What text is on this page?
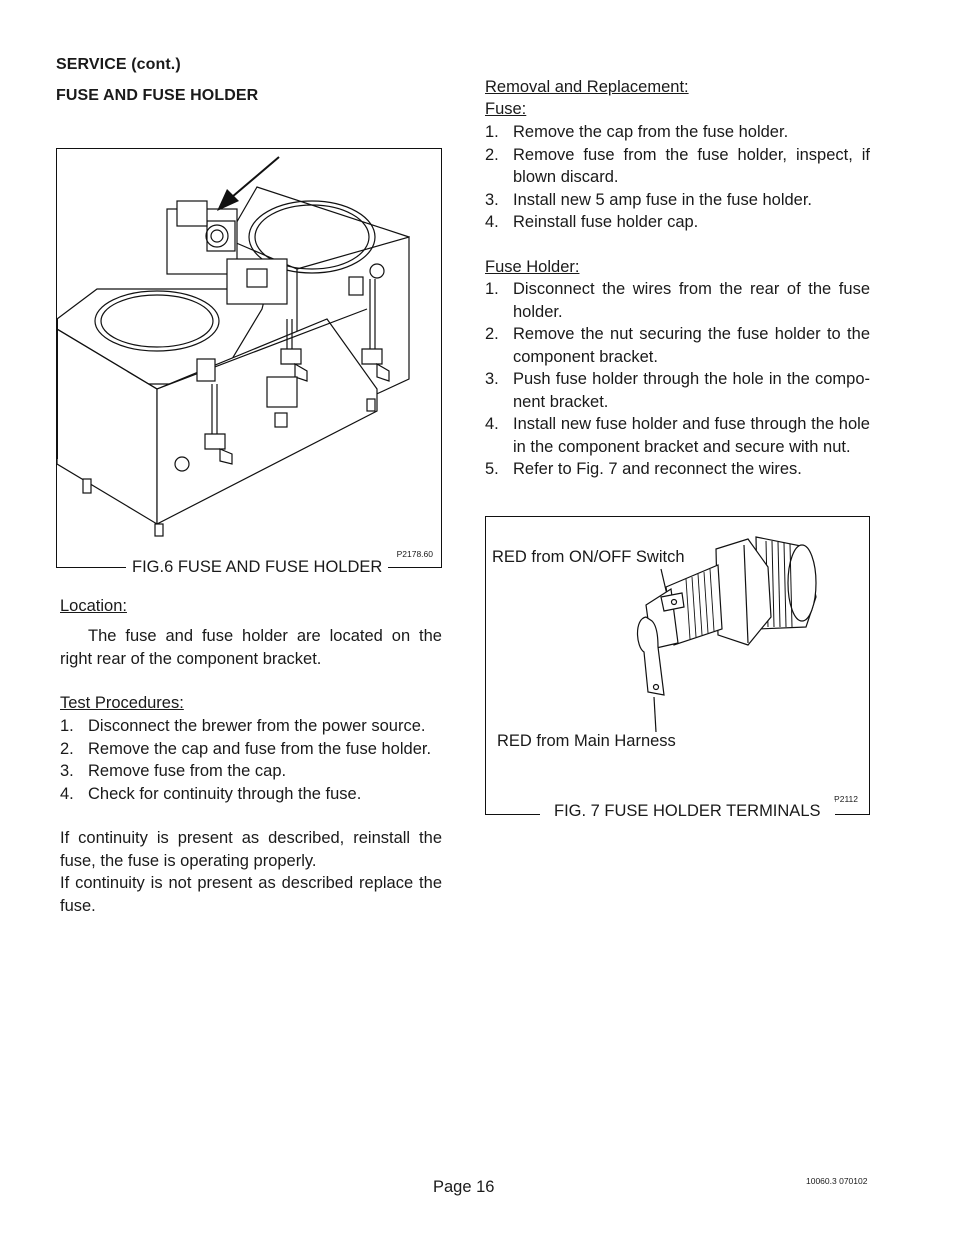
SERVICE (cont.)
FUSE AND FUSE HOLDER
P2178.60
FIG.6 FUSE AND FUSE HOLDER
Location:
The fuse and fuse holder are located on the right rear of the component bracket.
Test Procedures:
1. Disconnect the brewer from the power source.
2. Remove the cap and fuse from the fuse holder.
3. Remove fuse from the cap.
4. Check for continuity through the fuse.
If continuity is present as described, reinstall the fuse, the fuse is operating properly.
If continuity is not present as described replace the fuse.
Removal and Replacement:
Fuse:
1. Remove the cap from the fuse holder.
2. Remove fuse from the fuse holder, inspect, if blown discard.
3. Install new 5 amp fuse in the fuse holder.
4. Reinstall fuse holder cap.
Fuse Holder:
1. Disconnect the wires from the rear of the fuse holder.
2. Remove the nut securing the fuse holder to the component bracket.
3. Push fuse holder through the hole in the compo-nent bracket.
4. Install new fuse holder and fuse through the hole in the component bracket and secure with nut.
5. Refer to Fig. 7 and reconnect the wires.
RED from ON/OFF Switch
RED from Main Harness
P2112
FIG. 7 FUSE HOLDER TERMINALS
Page 16	10060.3 070102
